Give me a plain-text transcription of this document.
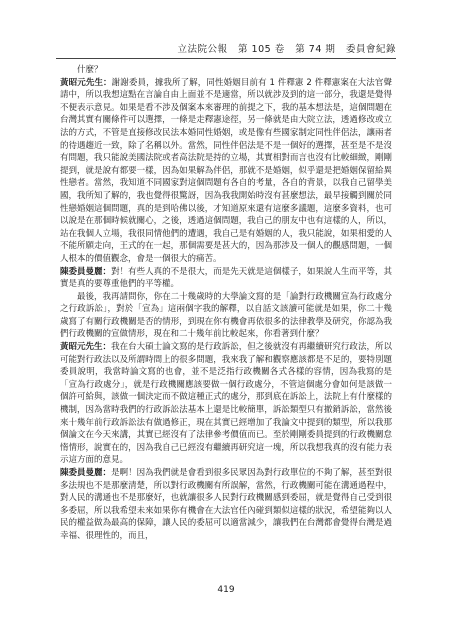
立法院公報 第 105 卷 第 74 期 委員會紀錄

什麼？

黃昭元先生：謝謝委員，據我所了解，同性婚姻目前有 1 件釋憲 2 件釋憲案在大法官聲請中，所以我想這點在言論自由上面並不是適當，所以就涉及到的這一部分，我還是覺得不便表示意見。如果是看不涉及個案本來審理的前提之下，我的基本想法是，這個問題在台灣其實有關條件可以選擇，一條是走釋憲途徑，另一條就是由大院立法，透過修改或立法的方式，不管是直接修改民法本婚同性婚姻，或是像有些國家制定同性伴侶法，讓兩者的待遇趨近一致，除了名稱以外。當然，同性伴侶法是不是一個好的選擇，甚至是不是沒有問題，我只能說美國法院或者高法院是持的立場，其實相對而言也沒有比較細緻，剛剛提到，就是說有都要一樣，因為如果解為伴侶，那就不是婚姻，似乎還是把婚姻保留給異性戀者。當然，我知道不同國家對這個問題有各自的考量，各自的背景，以我自己留學美國，我所知了解的，我也覺得很驚訝，因為我我開始時沒有甚麼想法，最早接觸到關於同性戀婚姻這個問題，真的是到哈佛以後，才知道原來還有這麼多議題，這麼多資料，也可以說是在那個時候就關心，之後，透過這個問題，我自己的朋友中也有這樣的人，所以，站在我個人立場，我很同情他們的遭遇，我自己是有婚姻的人，我只能說，如果相愛的人不能所願走向，王式的在一起，那個需要是甚大的，因為那涉及一個人的觀感問題，一個人根本的價值觀念，會是一個很大的痛苦。

陳委員曼麗：對！有些人真的不是很大，而是先天就是這個樣子，如果說人生而平等，其實是真的要尊重他們的平等權。

最後，我再請問你，你在二十幾歲時的大學論文寫的是「論對行政機關宣為行政處分之行政訴訟」，對於「宣為」這兩個字我的解釋，以自話文該讀可能就是如果，你二十幾歲寫了有關行政機關是否的情形，到現在你有機會再依很多的法律教學及研究，你認為我們行政機關的宣做情形，現在和二十幾年前比較起來，你看著到什麼？

黃昭元先生：我在台大碩士論文寫的是行政訴訟，但之後就沒有再繼續研究行政法，所以可能對行政法以及所謂時間上的很多問題，我來我了解和觀察應該都是不足的，要特別題委員說明，我當時論文寫的也會，並不是泛指行政機關各式各樣的容情，因為我寫的是「宣為行政處分」，就是行政機關應該要做一個行政處分，不管這個處分會如何是該做一個許可給與，該做一個決定而不做這種正式的處分，那到底在訴訟上，法院上有什麼樣的機制，因為當時我們的行政訴訟法基本上還是比較簡單，訴訟類型只有撤銷訴訟，當然後來十幾年前行政訴訟法有做過修正，現在其實已經增加了我論文中提到的類型，所以我那個論文在今天來講，其實已經沒有了法律參考價值而已。至於剛剛委員提到的行政機關怠惰情形，說實在的，因為我自己已經沒有繼續再研究這一塊，所以我想我真的沒有能力表示這方面的意見。

陳委員曼麗：是啊！因為我們就是會看到很多民眾因為對行政單位的不夠了解，甚至對很多法規也不是那麼清楚，所以對行政機關有所誤解，當然，行政機關可能在溝通過程中，對人民的溝通也不是那麼好，也就讓很多人民對行政機關感到委屈，就是覺得自己受到很多委屈，所以我希望未來如果你有機會在大法官任內碰到類似這樣的狀況，希望能夠以人民的權益做為最高的保障，讓人民的委屈可以適當減少，讓我們在台灣都會覺得台灣是過幸福、很理性的，而且，

419
